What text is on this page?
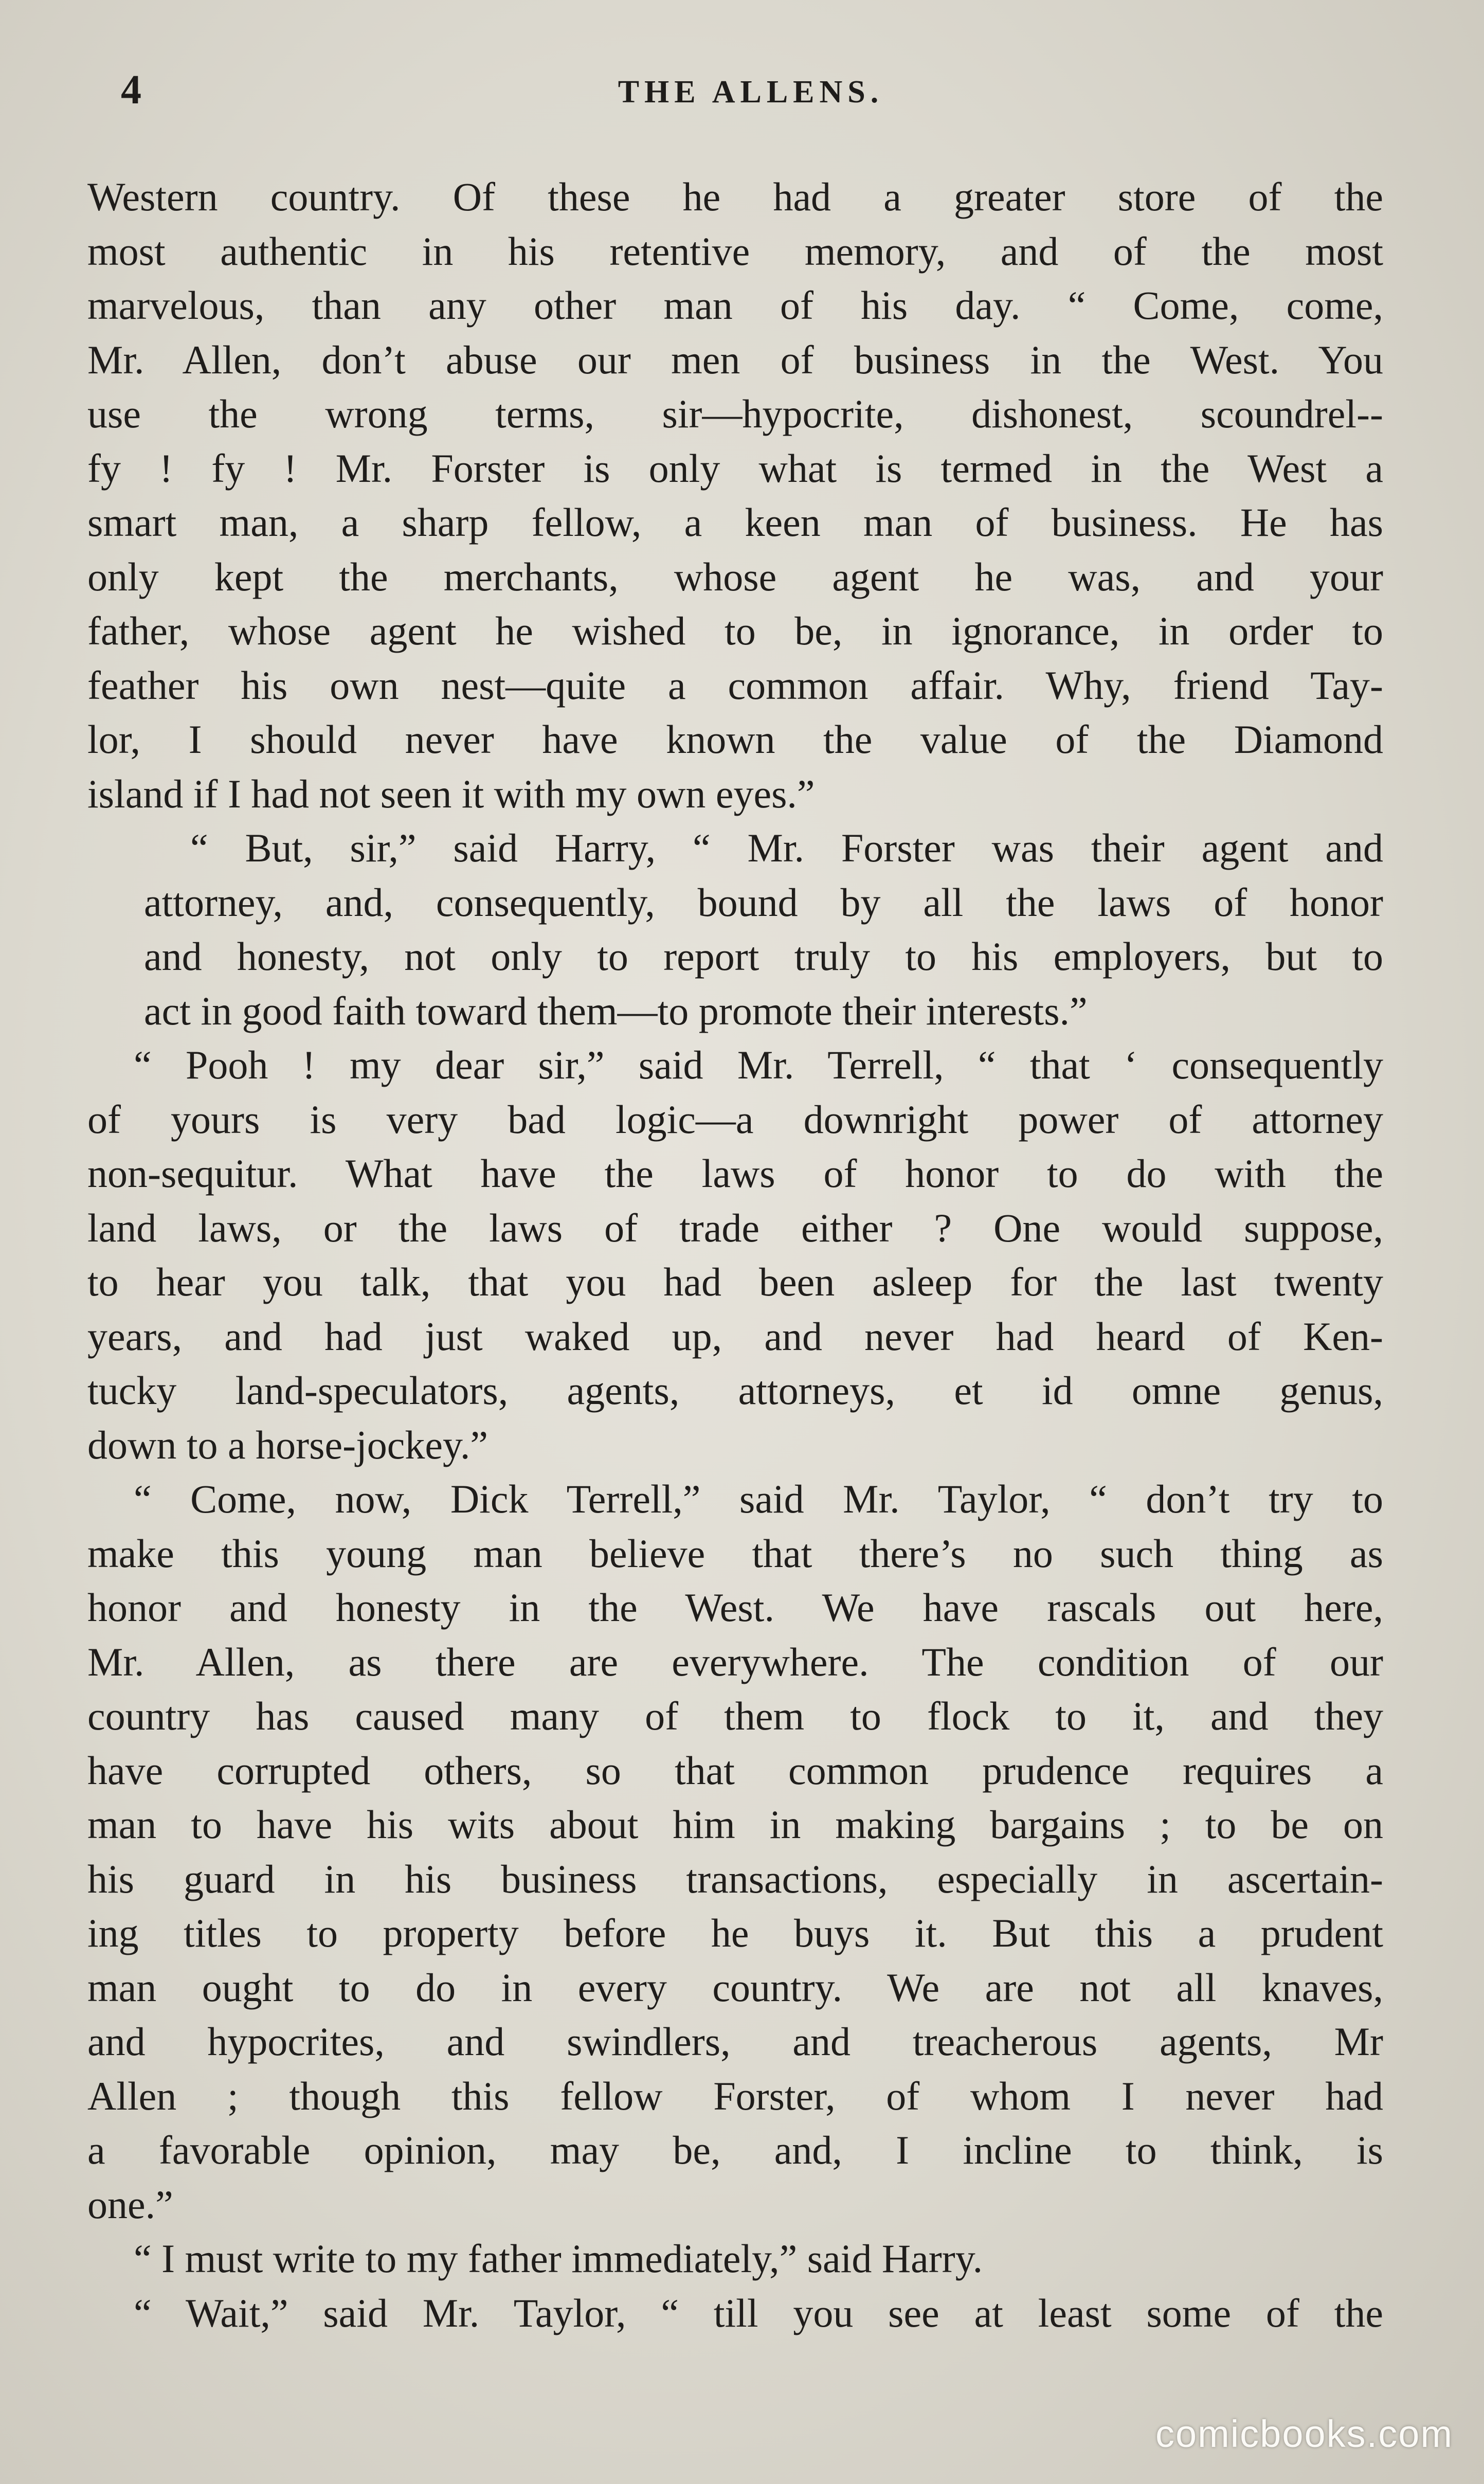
4	THE ALLENS.
Western country. Of these he had a greater store of the
most authentic in his retentive memory, and of the most
marvelous, than any other man of his day. “ Come, come,
Mr. Allen, don’t abuse our men of business in the West. You
use the wrong terms, sir—hypocrite, dishonest, scoundrel--
fy ! fy ! Mr. Forster is only what is termed in the West a
smart man, a sharp fellow, a keen man of business. He has
only kept the merchants, whose agent he was, and your
father, whose agent he wished to be, in ignorance, in order to
feather his own nest—quite a common affair. Why, friend Tay-
lor, I should never have known the value of the Diamond
island if I had not seen it with my own eyes.”
“ But, sir,” said Harry, “ Mr. Forster was their agent and
attorney, and, consequently, bound by all the laws of honor
and honesty, not only to report truly to his employers, but to
act in good faith toward them—to promote their interests.”
“ Pooh ! my dear sir,” said Mr. Terrell, “ that ‘ consequently
of yours is very bad logic—a downright power of attorney
non-sequitur. What have the laws of honor to do with the
land laws, or the laws of trade either ? One would suppose,
to hear you talk, that you had been asleep for the last twenty
years, and had just waked up, and never had heard of Ken-
tucky land-speculators, agents, attorneys, et id omne genus,
down to a horse-jockey.”
“ Come, now, Dick Terrell,” said Mr. Taylor, “ don’t try to
make this young man believe that there’s no such thing as
honor and honesty in the West. We have rascals out here,
Mr. Allen, as there are everywhere. The condition of our
country has caused many of them to flock to it, and they
have corrupted others, so that common prudence requires a
man to have his wits about him in making bargains ; to be on
his guard in his business transactions, especially in ascertain-
ing titles to property before he buys it. But this a prudent
man ought to do in every country. We are not all knaves,
and hypocrites, and swindlers, and treacherous agents, Mr
Allen ; though this fellow Forster, of whom I never had
a favorable opinion, may be, and, I incline to think, is
one.”
“ I must write to my father immediately,” said Harry.
“ Wait,” said Mr. Taylor, “ till you see at least some of the
comicbooks.com
